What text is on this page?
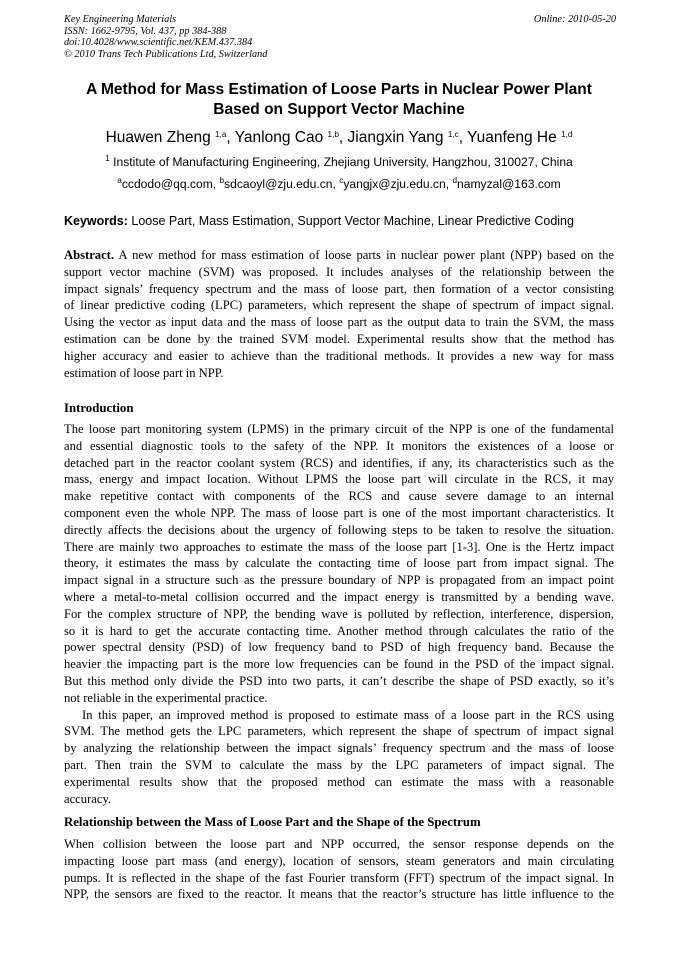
Key Engineering Materials
ISSN: 1662-9795, Vol. 437, pp 384-388
doi:10.4028/www.scientific.net/KEM.437.384
© 2010 Trans Tech Publications Ltd, Switzerland
Online: 2010-05-20
A Method for Mass Estimation of Loose Parts in Nuclear Power Plant
Based on Support Vector Machine
Huawen Zheng $^{1,a}$, Yanlong Cao $^{1,b}$, Jiangxin Yang $^{1,c}$, Yuanfeng He $^{1,d}$
$^1$ Institute of Manufacturing Engineering, Zhejiang University, Hangzhou, 310027, China
$^a$ccdodo@qq.com, $^b$sdcaoyl@zju.edu.cn, $^c$yangjx@zju.edu.cn, $^d$namyzal@163.com
Keywords: Loose Part, Mass Estimation, Support Vector Machine, Linear Predictive Coding
Abstract. A new method for mass estimation of loose parts in nuclear power plant (NPP) based on the
support vector machine (SVM) was proposed. It includes analyses of the relationship between the
impact signals’ frequency spectrum and the mass of loose part, then formation of a vector consisting
of linear predictive coding (LPC) parameters, which represent the shape of spectrum of impact signal.
Using the vector as input data and the mass of loose part as the output data to train the SVM, the mass
estimation can be done by the trained SVM model. Experimental results show that the method has
higher accuracy and easier to achieve than the traditional methods. It provides a new way for mass
estimation of loose part in NPP.
Introduction
The loose part monitoring system (LPMS) in the primary circuit of the NPP is one of the fundamental
and essential diagnostic tools to the safety of the NPP. It monitors the existences of a loose or
detached part in the reactor coolant system (RCS) and identifies, if any, its characteristics such as the
mass, energy and impact location. Without LPMS the loose part will circulate in the RCS, it may
make repetitive contact with components of the RCS and cause severe damage to an internal
component even the whole NPP. The mass of loose part is one of the most important characteristics. It
directly affects the decisions about the urgency of following steps to be taken to resolve the situation.
There are mainly two approaches to estimate the mass of the loose part [1-3]. One is the Hertz impact
theory, it estimates the mass by calculate the contacting time of loose part from impact signal. The
impact signal in a structure such as the pressure boundary of NPP is propagated from an impact point
where a metal-to-metal collision occurred and the impact energy is transmitted by a bending wave.
For the complex structure of NPP, the bending wave is polluted by reflection, interference, dispersion,
so it is hard to get the accurate contacting time. Another method through calculates the ratio of the
power spectral density (PSD) of low frequency band to PSD of high frequency band. Because the
heavier the impacting part is the more low frequencies can be found in the PSD of the impact signal.
But this method only divide the PSD into two parts, it can’t describe the shape of PSD exactly, so it’s
not reliable in the experimental practice.
In this paper, an improved method is proposed to estimate mass of a loose part in the RCS using
SVM. The method gets the LPC parameters, which represent the shape of spectrum of impact signal
by analyzing the relationship between the impact signals’ frequency spectrum and the mass of loose
part. Then train the SVM to calculate the mass by the LPC parameters of impact signal. The
experimental results show that the proposed method can estimate the mass with a reasonable
accuracy.
Relationship between the Mass of Loose Part and the Shape of the Spectrum
When collision between the loose part and NPP occurred, the sensor response depends on the
impacting loose part mass (and energy), location of sensors, steam generators and main circulating
pumps. It is reflected in the shape of the fast Fourier transform (FFT) spectrum of the impact signal. In
NPP, the sensors are fixed to the reactor. It means that the reactor’s structure has little influence to the
